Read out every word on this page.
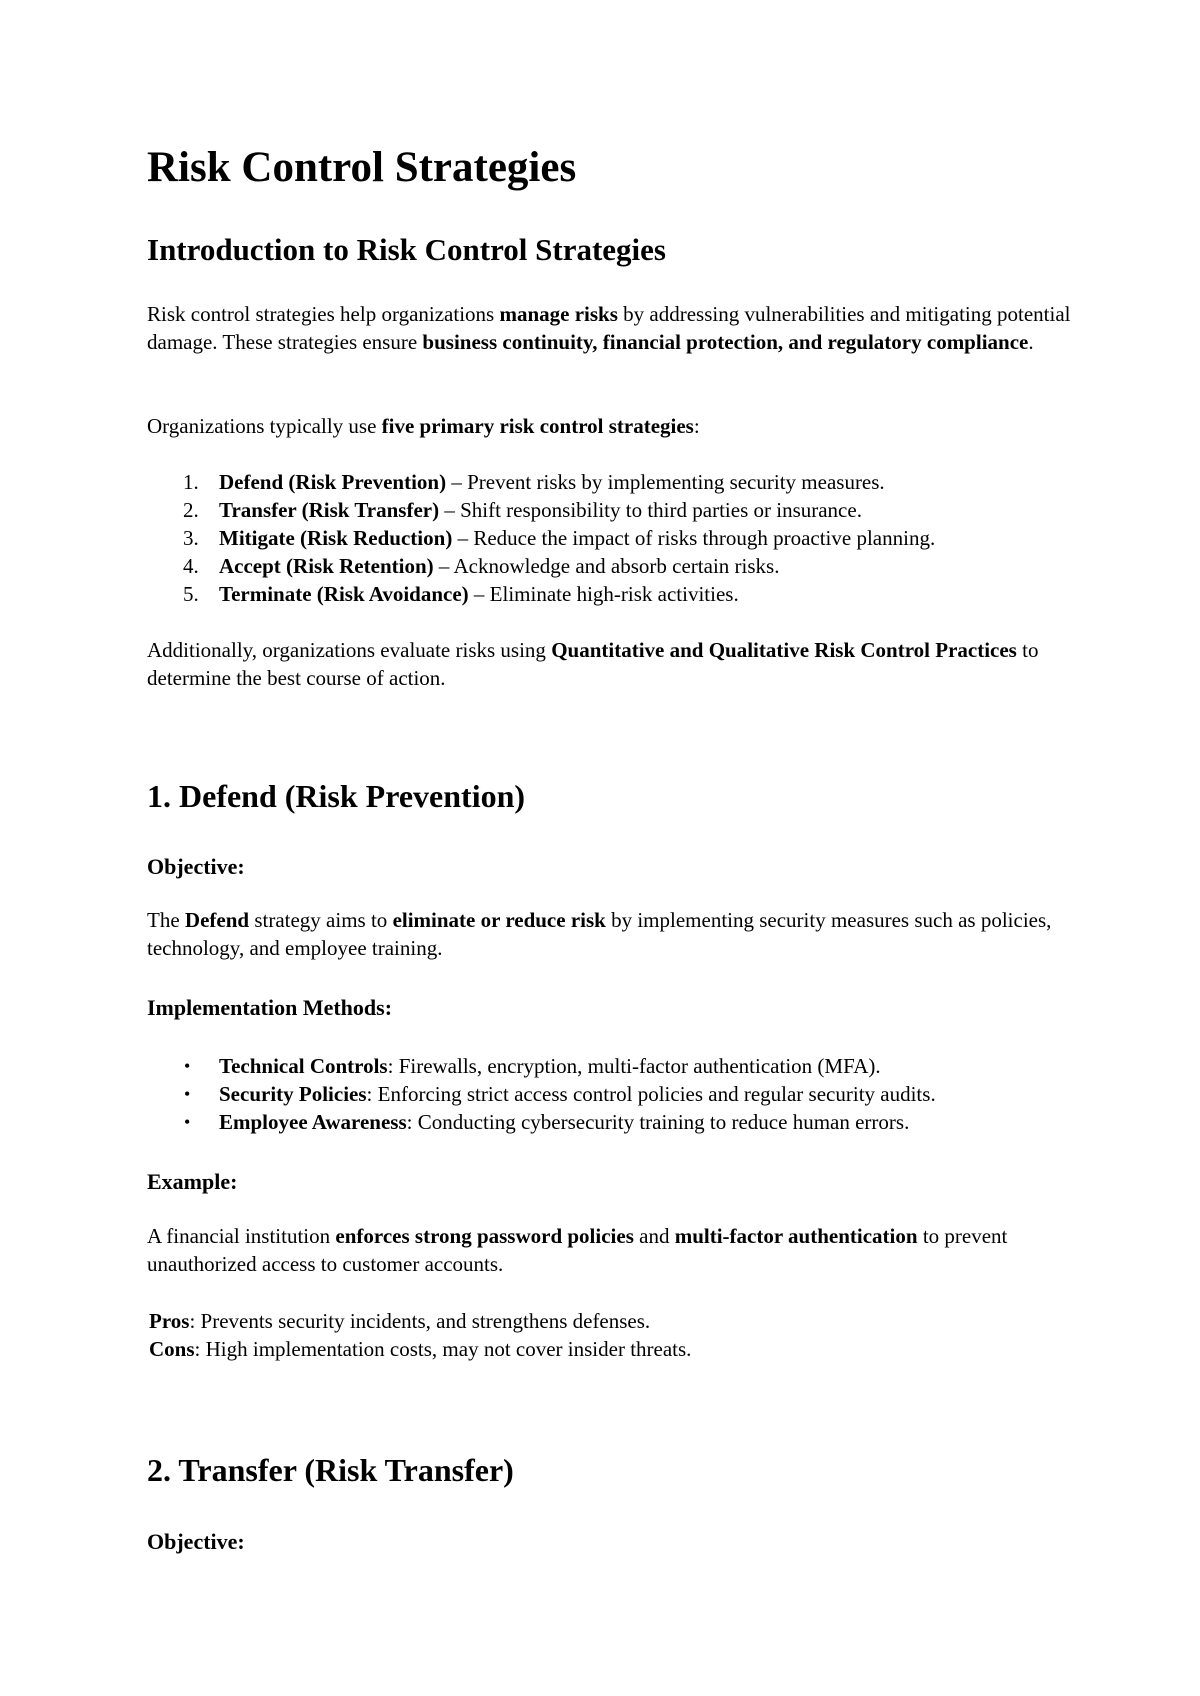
Risk Control Strategies
Introduction to Risk Control Strategies

Risk control strategies help organizations manage risks by addressing vulnerabilities and mitigating potential damage. These strategies ensure business continuity, financial protection, and regulatory compliance.

Organizations typically use five primary risk control strategies:

1. Defend (Risk Prevention) – Prevent risks by implementing security measures.
2. Transfer (Risk Transfer) – Shift responsibility to third parties or insurance.
3. Mitigate (Risk Reduction) – Reduce the impact of risks through proactive planning.
4. Accept (Risk Retention) – Acknowledge and absorb certain risks.
5. Terminate (Risk Avoidance) – Eliminate high-risk activities.

Additionally, organizations evaluate risks using Quantitative and Qualitative Risk Control Practices to determine the best course of action.

1. Defend (Risk Prevention)
Objective:

The Defend strategy aims to eliminate or reduce risk by implementing security measures such as policies, technology, and employee training.

Implementation Methods:
• Technical Controls: Firewalls, encryption, multi-factor authentication (MFA).
• Security Policies: Enforcing strict access control policies and regular security audits.
• Employee Awareness: Conducting cybersecurity training to reduce human errors.
Example:

A financial institution enforces strong password policies and multi-factor authentication to prevent unauthorized access to customer accounts.

Pros: Prevents security incidents, and strengthens defenses.

Cons: High implementation costs, may not cover insider threats.

2. Transfer (Risk Transfer)
Objective:
